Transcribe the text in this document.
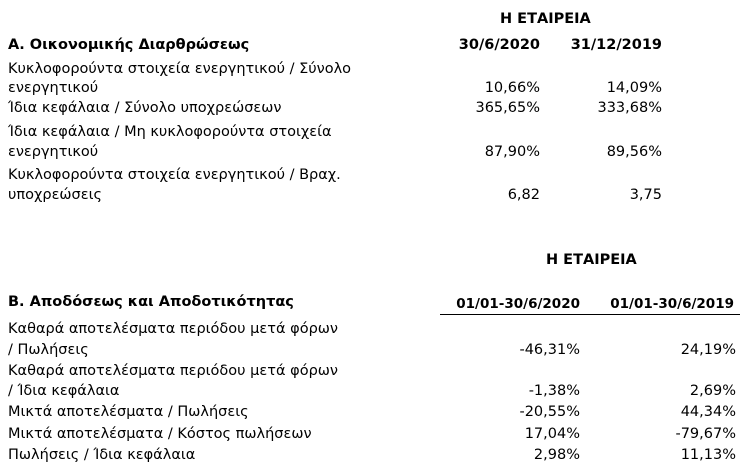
Η ΕΤΑΙΡΕΙΑ
Α. Οικονομικής Διαρθρώσεως	30/6/2020	31/12/2019
Κυκλοφορούντα στοιχεία ενεργητικού / Σύνολο
ενεργητικού	10,66%	14,09%
Ίδια κεφάλαια / Σύνολο υποχρεώσεων	365,65%	333,68%
Ίδια κεφάλαια / Μη κυκλοφορούντα στοιχεία
ενεργητικού	87,90%	89,56%
Κυκλοφορούντα στοιχεία ενεργητικού / Βραχ.
υποχρεώσεις	6,82	3,75
Η ΕΤΑΙΡΕΙΑ
Β. Αποδόσεως και Αποδοτικότητας	01/01-30/6/2020	01/01-30/6/2019
Καθαρά αποτελέσματα περιόδου μετά φόρων
/ Πωλήσεις	-46,31%	24,19%
Καθαρά αποτελέσματα περιόδου μετά φόρων
/ Ίδια κεφάλαια	-1,38%	2,69%
Μικτά αποτελέσματα / Πωλήσεις	-20,55%	44,34%
Μικτά αποτελέσματα / Κόστος πωλήσεων	17,04%	-79,67%
Πωλήσεις / Ίδια κεφάλαια	2,98%	11,13%
